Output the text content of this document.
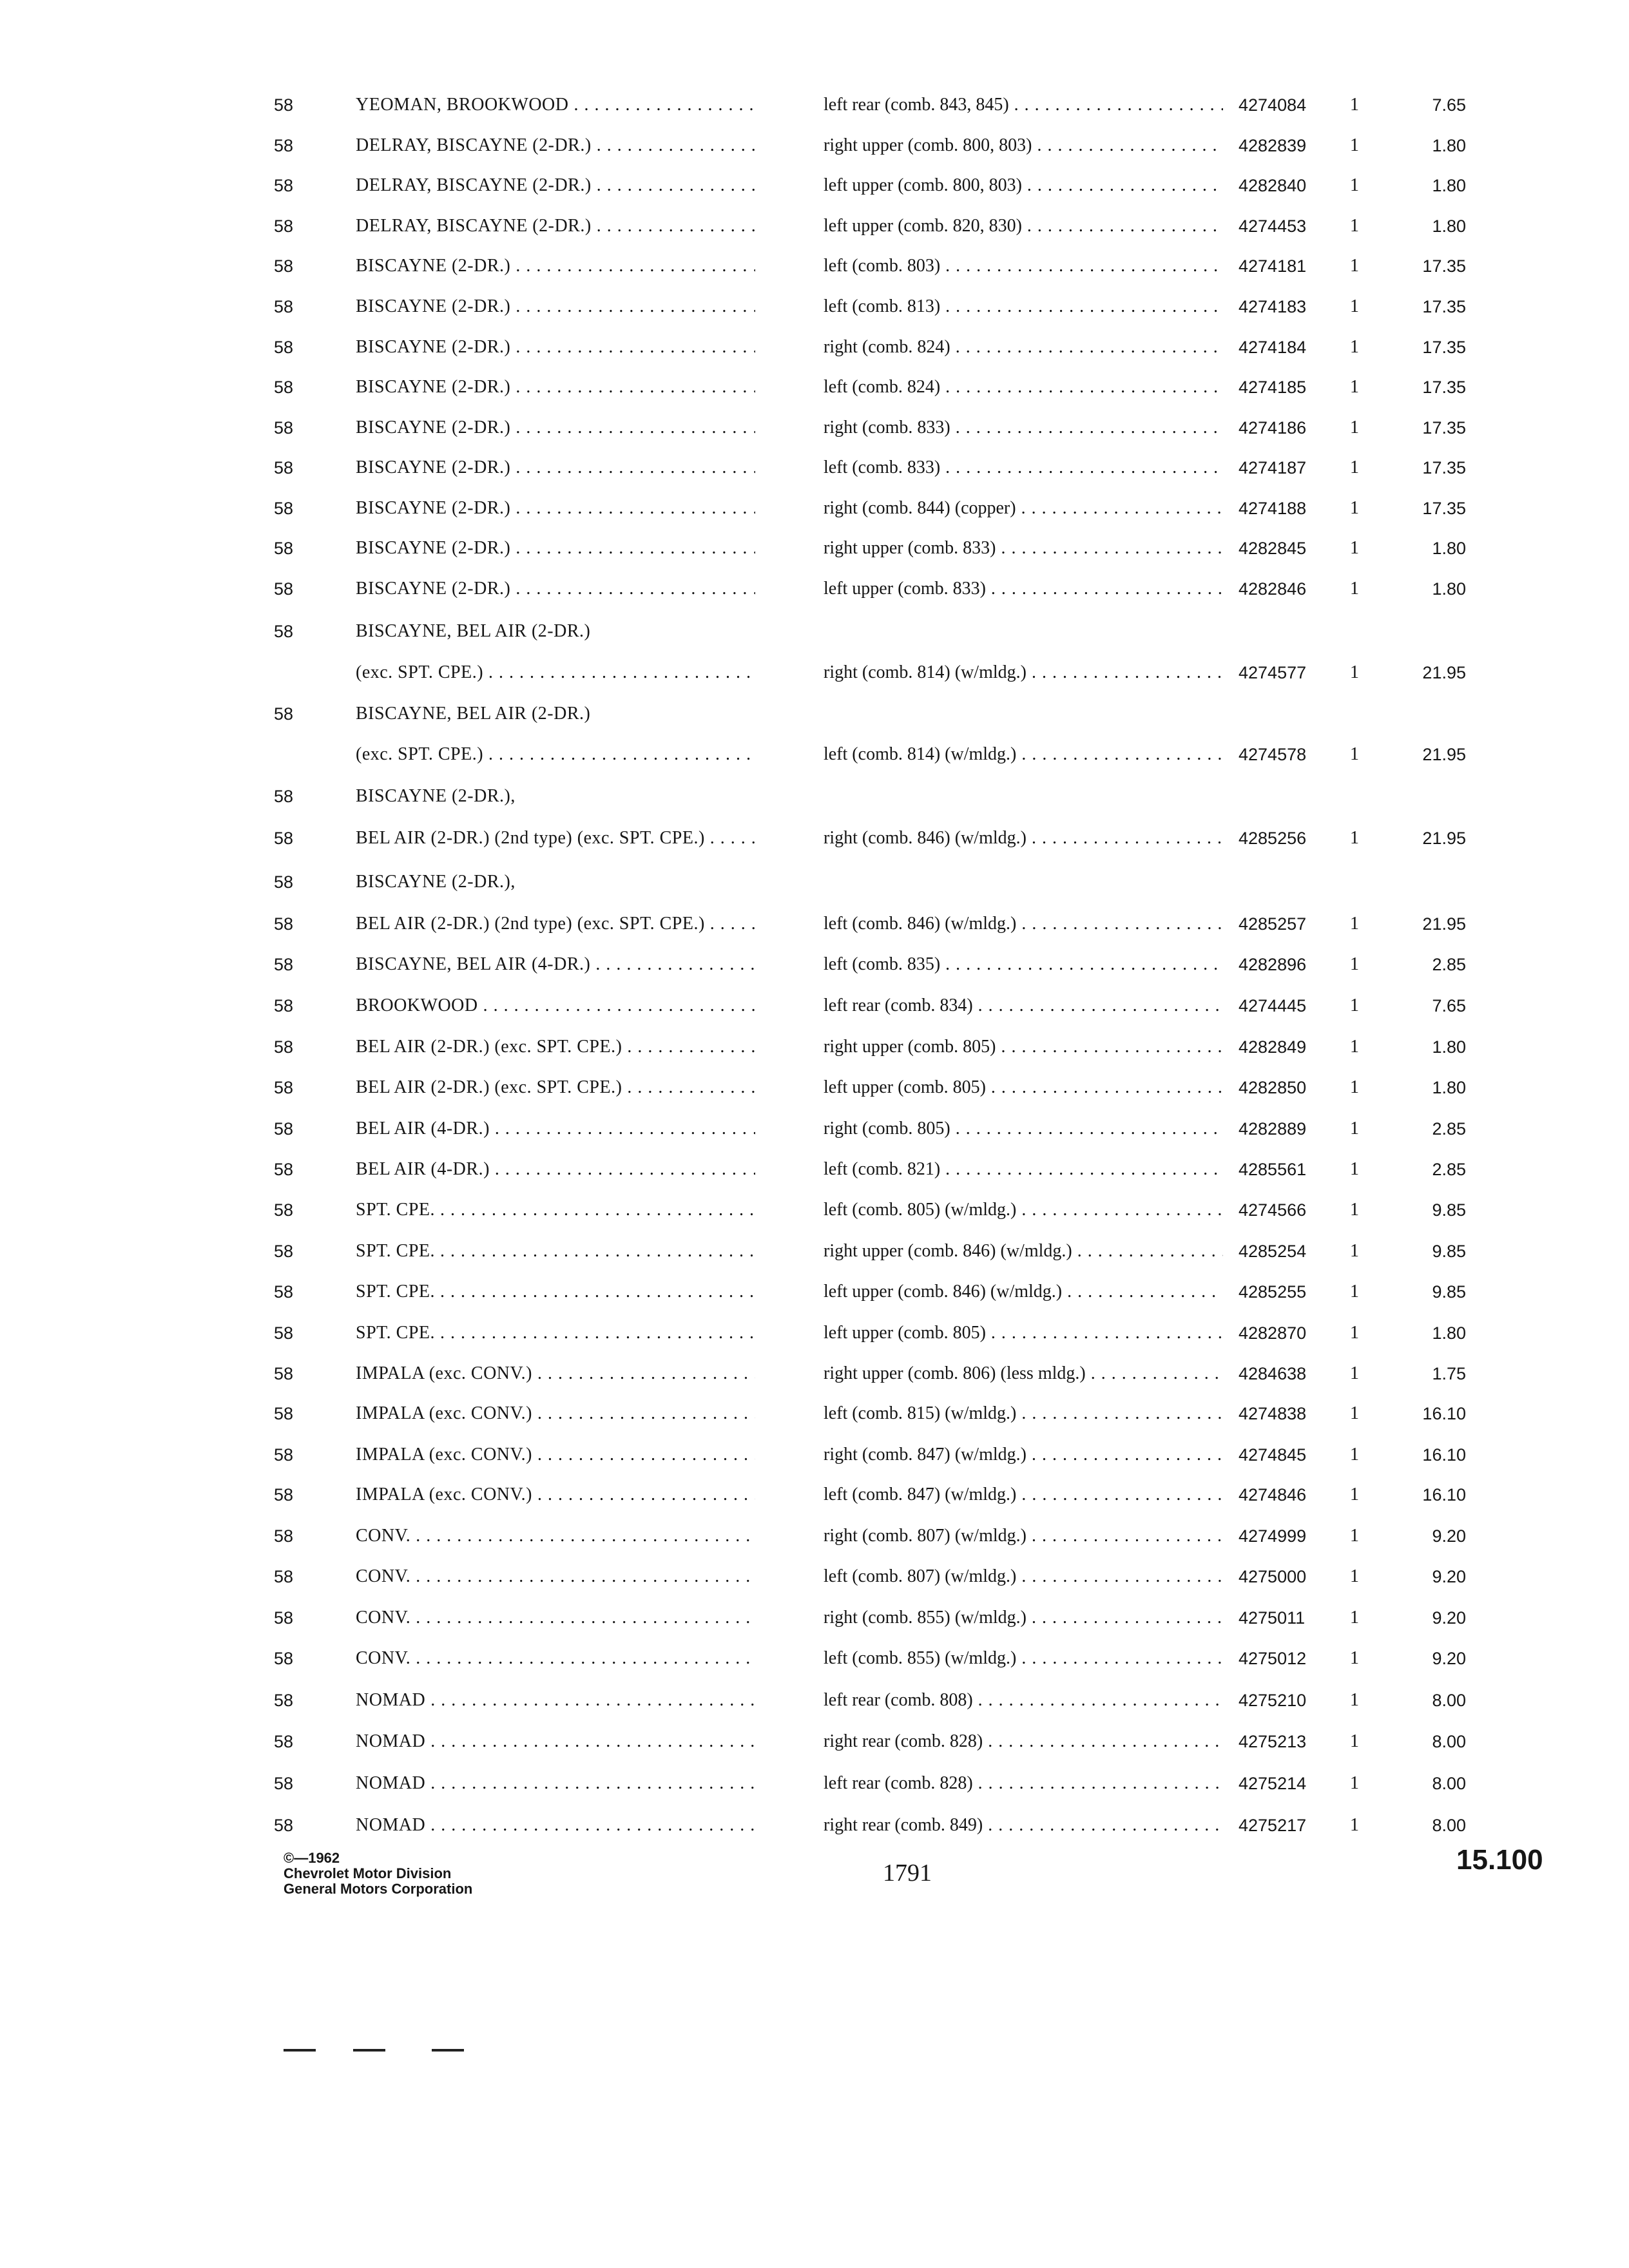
58	YEOMAN, BROOKWOOD . . .	left rear (comb. 843, 845) . . .	4274084	1	7.65
58	DELRAY, BISCAYNE (2-DR.) . . .	right upper (comb. 800, 803) . . .	4282839	1	1.80
58	DELRAY, BISCAYNE (2-DR.) . . .	left upper (comb. 800, 803) . . .	4282840	1	1.80
58	DELRAY, BISCAYNE (2-DR.) . . .	left upper (comb. 820, 830) . . .	4274453	1	1.80
58	BISCAYNE (2-DR.) . . .	left (comb. 803) . . .	4274181	1	17.35
58	BISCAYNE (2-DR.) . . .	left (comb. 813) . . .	4274183	1	17.35
58	BISCAYNE (2-DR.) . . .	right (comb. 824) . . .	4274184	1	17.35
58	BISCAYNE (2-DR.) . . .	left (comb. 824) . . .	4274185	1	17.35
58	BISCAYNE (2-DR.) . . .	right (comb. 833) . . .	4274186	1	17.35
58	BISCAYNE (2-DR.) . . .	left (comb. 833) . . .	4274187	1	17.35
58	BISCAYNE (2-DR.) . . .	right (comb. 844) (copper) . . .	4274188	1	17.35
58	BISCAYNE (2-DR.) . . .	right upper (comb. 833) . . .	4282845	1	1.80
58	BISCAYNE (2-DR.) . . .	left upper (comb. 833) . . .	4282846	1	1.80
58	BISCAYNE, BEL AIR (2-DR.)
(exc. SPT. CPE.) . . .	right (comb. 814) (w/mldg.) . . .	4274577	1	21.95
58	BISCAYNE, BEL AIR (2-DR.)
(exc. SPT. CPE.) . . .	left (comb. 814) (w/mldg.) . . .	4274578	1	21.95
58	BISCAYNE (2-DR.),
58	BEL AIR (2-DR.) (2nd type) (exc. SPT. CPE.) . . .	right (comb. 846) (w/mldg.) . . .	4285256	1	21.95
58	BISCAYNE (2-DR.),
58	BEL AIR (2-DR.) (2nd type) (exc. SPT. CPE.) . . .	left (comb. 846) (w/mldg.) . . .	4285257	1	21.95
58	BISCAYNE, BEL AIR (4-DR.) . . .	left (comb. 835) . . .	4282896	1	2.85
58	BROOKWOOD . . .	left rear (comb. 834) . . .	4274445	1	7.65
58	BEL AIR (2-DR.) (exc. SPT. CPE.) . . .	right upper (comb. 805) . . .	4282849	1	1.80
58	BEL AIR (2-DR.) (exc. SPT. CPE.) . . .	left upper (comb. 805) . . .	4282850	1	1.80
58	BEL AIR (4-DR.) . . .	right (comb. 805) . . .	4282889	1	2.85
58	BEL AIR (4-DR.) . . .	left (comb. 821) . . .	4285561	1	2.85
58	SPT. CPE. . . .	left (comb. 805) (w/mldg.) . . .	4274566	1	9.85
58	SPT. CPE. . . .	right upper (comb. 846) (w/mldg.) . . .	4285254	1	9.85
58	SPT. CPE. . . .	left upper (comb. 846) (w/mldg.) . . .	4285255	1	9.85
58	SPT. CPE. . . .	left upper (comb. 805) . . .	4282870	1	1.80
58	IMPALA (exc. CONV.) . . .	right upper (comb. 806) (less mldg.) . . .	4284638	1	1.75
58	IMPALA (exc. CONV.) . . .	left (comb. 815) (w/mldg.) . . .	4274838	1	16.10
58	IMPALA (exc. CONV.) . . .	right (comb. 847) (w/mldg.) . . .	4274845	1	16.10
58	IMPALA (exc. CONV.) . . .	left (comb. 847) (w/mldg.) . . .	4274846	1	16.10
58	CONV. . . .	right (comb. 807) (w/mldg.) . . .	4274999	1	9.20
58	CONV. . . .	left (comb. 807) (w/mldg.) . . .	4275000	1	9.20
58	CONV. . . .	right (comb. 855) (w/mldg.) . . .	4275011	1	9.20
58	CONV. . . .	left (comb. 855) (w/mldg.) . . .	4275012	1	9.20
58	NOMAD . . .	left rear (comb. 808) . . .	4275210	1	8.00
58	NOMAD . . .	right rear (comb. 828) . . .	4275213	1	8.00
58	NOMAD . . .	left rear (comb. 828) . . .	4275214	1	8.00
58	NOMAD . . .	right rear (comb. 849) . . .	4275217	1	8.00
©—1962
Chevrolet Motor Division
General Motors Corporation
1791	15.100
